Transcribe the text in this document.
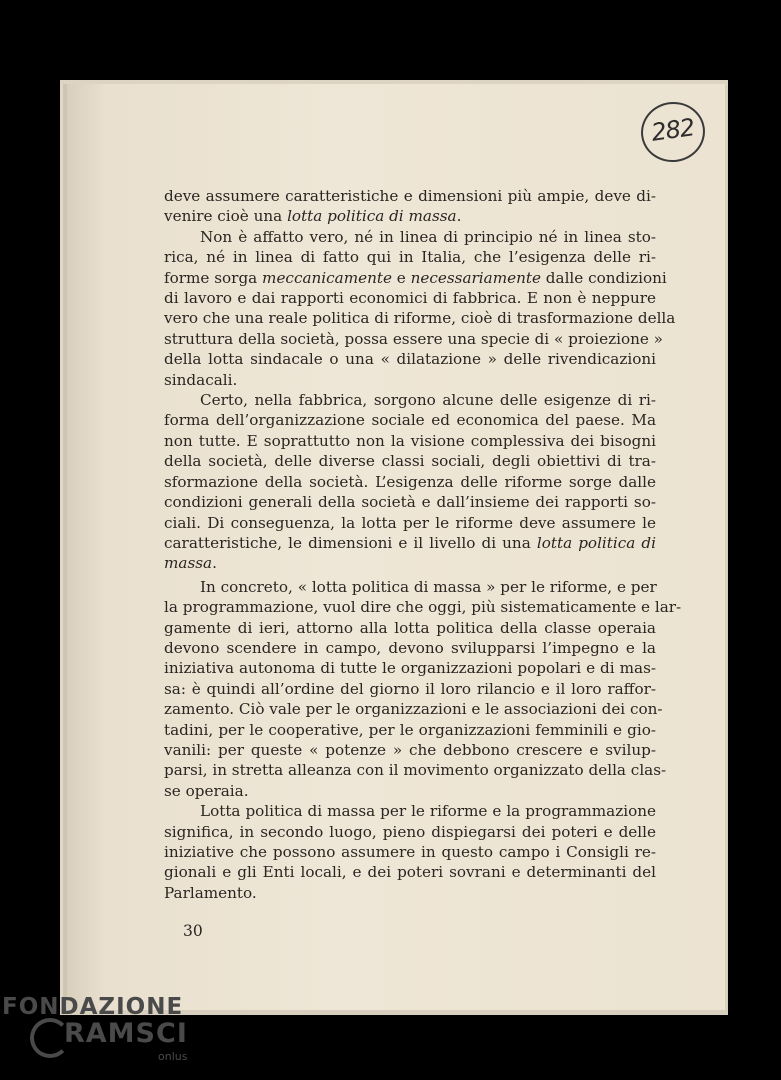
282

deve assumere caratteristiche e dimensioni più ampie, deve di-
venire cioè una lotta politica di massa.

Non è affatto vero, né in linea di principio né in linea sto-
rica, né in linea di fatto qui in Italia, che l’esigenza delle ri-
forme sorga meccanicamente e necessariamente dalle condizioni
di lavoro e dai rapporti economici di fabbrica. E non è neppure
vero che una reale politica di riforme, cioè di trasformazione della
struttura della società, possa essere una specie di « proiezione »
della lotta sindacale o una « dilatazione » delle rivendicazioni
sindacali.

Certo, nella fabbrica, sorgono alcune delle esigenze di ri-
forma dell’organizzazione sociale ed economica del paese. Ma
non tutte. E soprattutto non la visione complessiva dei bisogni
della società, delle diverse classi sociali, degli obiettivi di tra-
sformazione della società. L’esigenza delle riforme sorge dalle
condizioni generali della società e dall’insieme dei rapporti so-
ciali. Di conseguenza, la lotta per le riforme deve assumere le
caratteristiche, le dimensioni e il livello di una lotta politica di
massa.

In concreto, « lotta politica di massa » per le riforme, e per
la programmazione, vuol dire che oggi, più sistematicamente e lar-
gamente di ieri, attorno alla lotta politica della classe operaia
devono scendere in campo, devono svilupparsi l’impegno e la
iniziativa autonoma di tutte le organizzazioni popolari e di mas-
sa: è quindi all’ordine del giorno il loro rilancio e il loro raffor-
zamento. Ciò vale per le organizzazioni e le associazioni dei con-
tadini, per le cooperative, per le organizzazioni femminili e gio-
vanili: per queste « potenze » che debbono crescere e svilup-
parsi, in stretta alleanza con il movimento organizzato della clas-
se operaia.

Lotta politica di massa per le riforme e la programmazione
significa, in secondo luogo, pieno dispiegarsi dei poteri e delle
iniziative che possono assumere in questo campo i Consigli re-
gionali e gli Enti locali, e dei poteri sovrani e determinanti del
Parlamento.

30
FONDAZIONE
RAMSCI
onlus
